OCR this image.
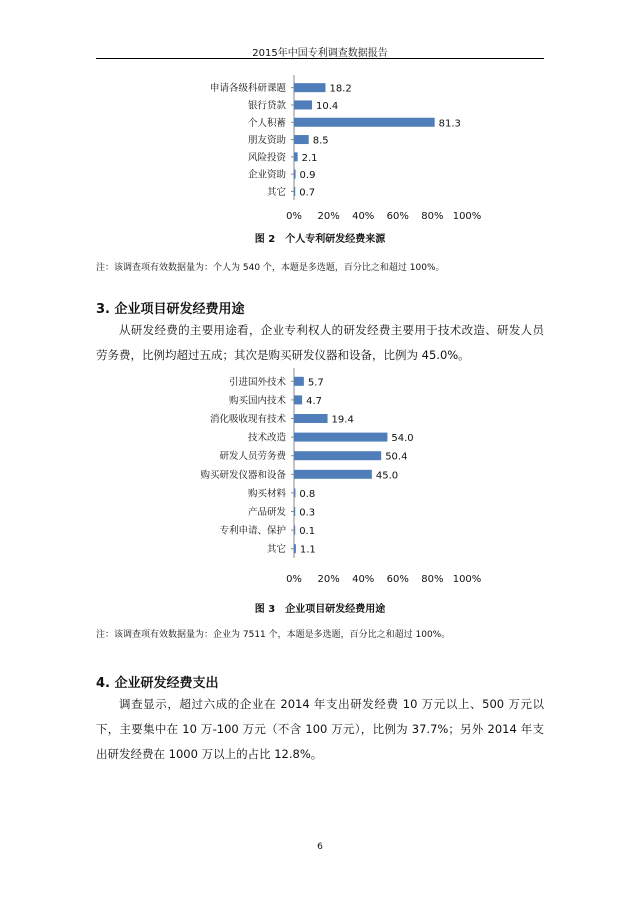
2015年中国专利调查数据报告
申请各级科研课题	18.2
银行贷款	10.4
个人积蓄	81.3
朋友资助	8.5
风险投资 2.1
企业资助 0.9
其它 0.7
0% 20% 40% 60% 80% 100%
图 2　个人专利研发经费来源
注：该调查项有效数据量为：个人为 540 个，本题是多选题，百分比之和超过 100%。
3. 企业项目研发经费用途

从研发经费的主要用途看，企业专利权人的研发经费主要用于技术改造、研发人员劳务费，比例均超过五成；其次是购买研发仪器和设备，比例为 45.0%。

引进国外技术 5.7
购买国内技术 4.7
消化吸收现有技术	19.4
技术改造	54.0
研发人员劳务费	50.4
购买研发仪器和设备	45.0
购买材料 0.8
产品研发 0.3
专利申请、保护 0.1
其它 1.1
0% 20% 40% 60% 80% 100%
图 3　企业项目研发经费用途
注：该调查项有效数据量为：企业为 7511 个，本题是多选题，百分比之和超过 100%。
4. 企业研发经费支出

调查显示，超过六成的企业在 2014 年支出研发经费 10 万元以上、500 万元以下，主要集中在 10 万-100 万元（不含 100 万元），比例为 37.7%；另外 2014 年支出研发经费在 1000 万以上的占比 12.8%。

6
